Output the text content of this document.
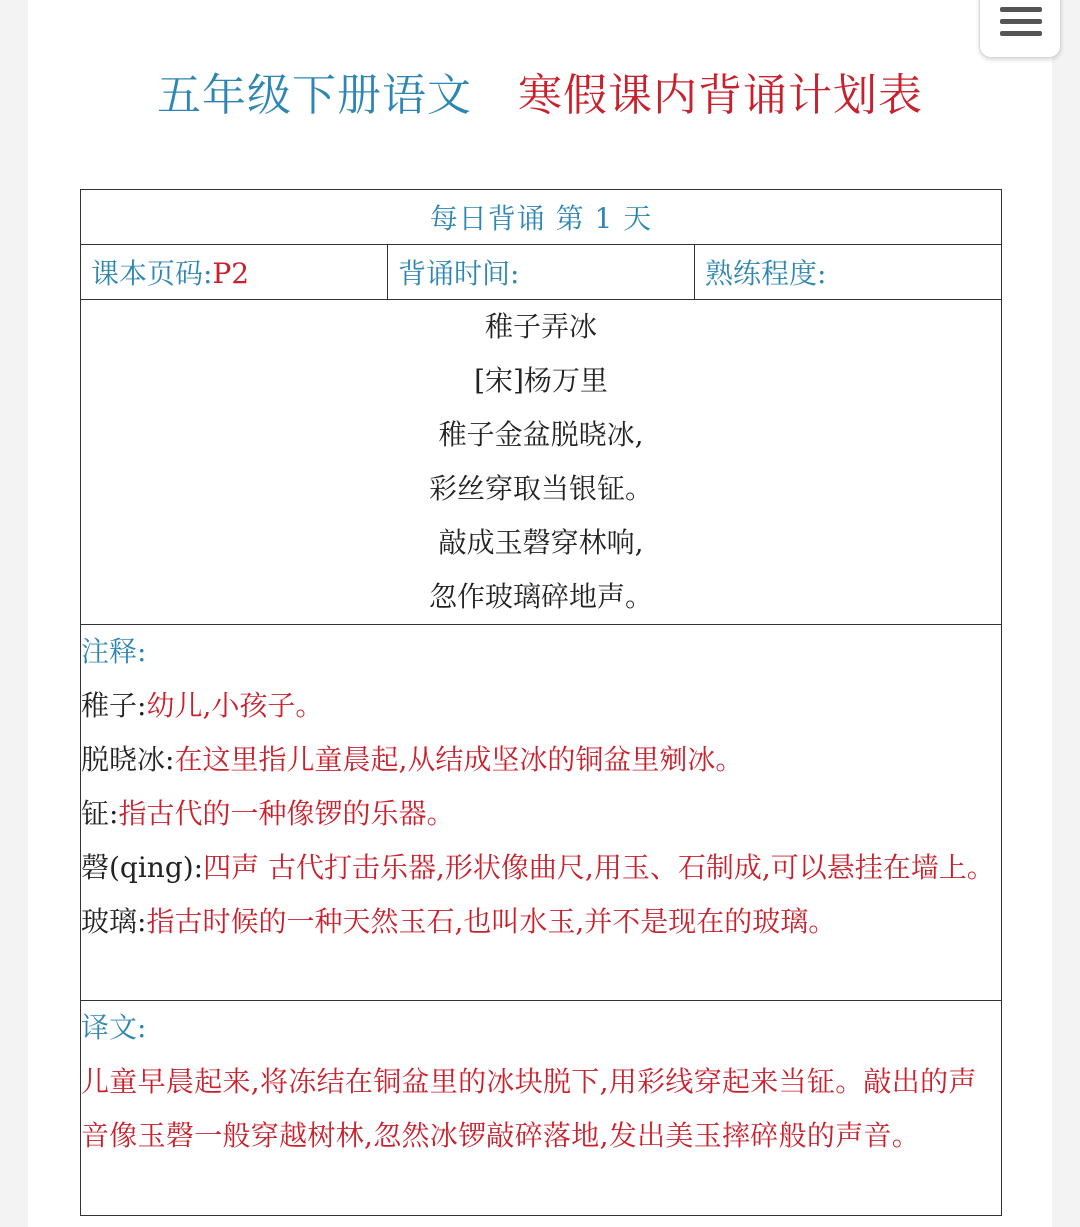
五年级下册语文 寒假课内背诵计划表
每日背诵 第 1 天
课本页码:P2	背诵时间:	熟练程度:

稚子弄冰
[宋]杨万里
稚子金盆脱晓冰,
彩丝穿取当银钲。
敲成玉磬穿林响,
忽作玻璃碎地声。

注释:
稚子:幼儿,小孩子。
脱晓冰:在这里指儿童晨起,从结成坚冰的铜盆里剜冰。
钲:指古代的一种像锣的乐器。
磬(qing):四声 古代打击乐器,形状像曲尺,用玉、石制成,可以悬挂在墙上。
玻璃:指古时候的一种天然玉石,也叫水玉,并不是现在的玻璃。

译文:
儿童早晨起来,将冻结在铜盆里的冰块脱下,用彩线穿起来当钲。敲出的声音像玉磬一般穿越树林,忽然冰锣敲碎落地,发出美玉摔碎般的声音。
